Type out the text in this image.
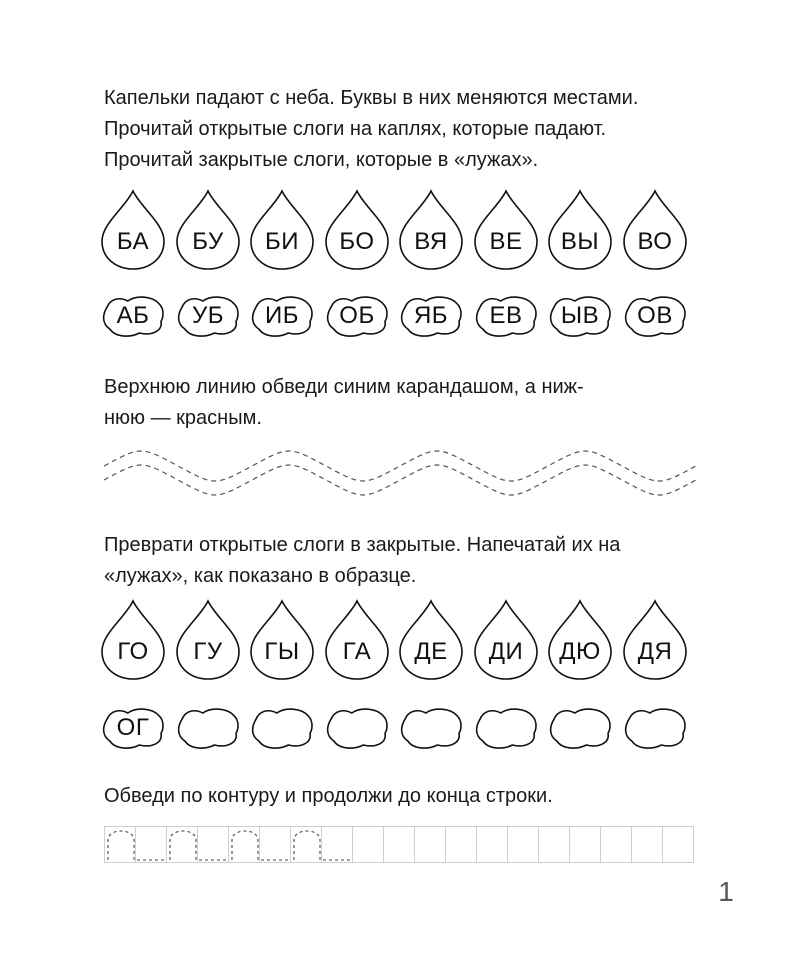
Капельки падают с неба. Буквы в них меняются местами.
Прочитай открытые слоги на каплях, которые падают.
Прочитай закрытые слоги, которые в «лужах».
БА	БУ	БИ	БО	ВЯ	ВЕ	ВЫ	ВО
АБ	УБ	ИБ	ОБ	ЯБ	ЕВ	ЫВ	ОВ
Верхнюю линию обведи синим карандашом, а ниж-
нюю — красным.
Преврати открытые слоги в закрытые. Напечатай их на
«лужах», как показано в образце.
ГО	ГУ	ГЫ	ГА	ДЕ	ДИ	ДЮ	ДЯ
ОГ
Обведи по контуру и продолжи до конца строки.
1
